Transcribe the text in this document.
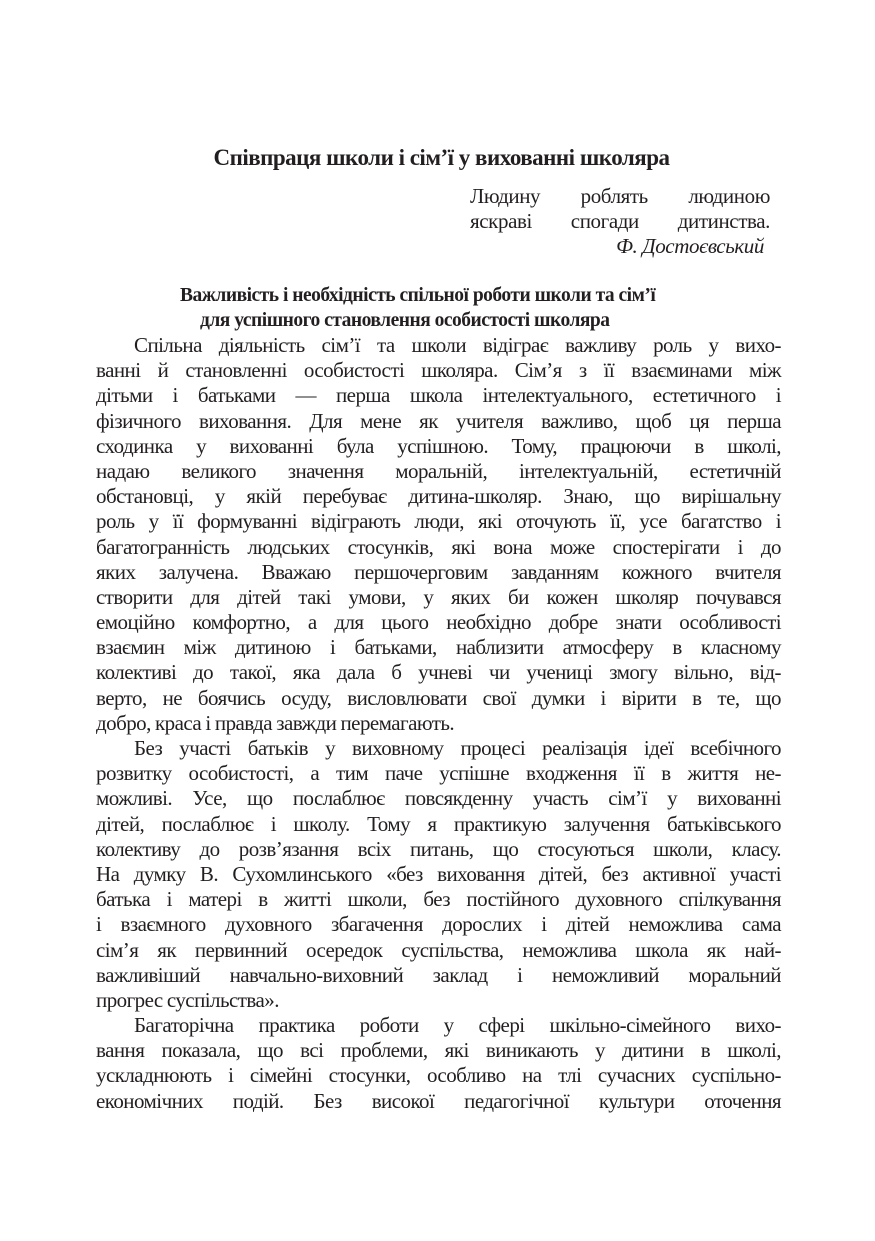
Співпраця школи і сім’ї у вихованні школяра
Людину роблять людиною
яскраві спогади дитинства.
Ф. Достоєвський
Важливість і необхідність спільної роботи школи та сім’ї
для успішного становлення особистості школяра
Спільна діяльність сім’ї та школи відіграє важливу роль у вихо-
ванні й становленні особистості школяра. Сім’я з її взаєминами між
дітьми і батьками — перша школа інтелектуального, естетичного і
фізичного виховання. Для мене як учителя важливо, щоб ця перша
сходинка у вихованні була успішною. Тому, працюючи в школі,
надаю великого значення моральній, інтелектуальній, естетичній
обстановці, у якій перебуває дитина-школяр. Знаю, що вирішальну
роль у її формуванні відіграють люди, які оточують її, усе багатство і
багатогранність людських стосунків, які вона може спостерігати і до
яких залучена. Вважаю першочерговим завданням кожного вчителя
створити для дітей такі умови, у яких би кожен школяр почувався
емоційно комфортно, а для цього необхідно добре знати особливості
взаємин між дитиною і батьками, наблизити атмосферу в класному
колективі до такої, яка дала б учневі чи учениці змогу вільно, від-
верто, не боячись осуду, висловлювати свої думки і вірити в те, що
добро, краса і правда завжди перемагають.
Без участі батьків у виховному процесі реалізація ідеї всебічного
розвитку особистості, а тим паче успішне входження її в життя не-
можливі. Усе, що послаблює повсякденну участь сім’ї у вихованні
дітей, послаблює і школу. Тому я практикую залучення батьківського
колективу до розв’язання всіх питань, що стосуються школи, класу.
На думку В. Сухомлинського «без виховання дітей, без активної участі
батька і матері в житті школи, без постійного духовного спілкування
і взаємного духовного збагачення дорослих і дітей неможлива сама
сім’я як первинний осередок суспільства, неможлива школа як най-
важливіший навчально-виховний заклад і неможливий моральний
прогрес суспільства».
Багаторічна практика роботи у сфері шкільно-сімейного вихо-
вання показала, що всі проблеми, які виникають у дитини в школі,
ускладнюють і сімейні стосунки, особливо на тлі сучасних суспільно-
економічних подій. Без високої педагогічної культури оточення
